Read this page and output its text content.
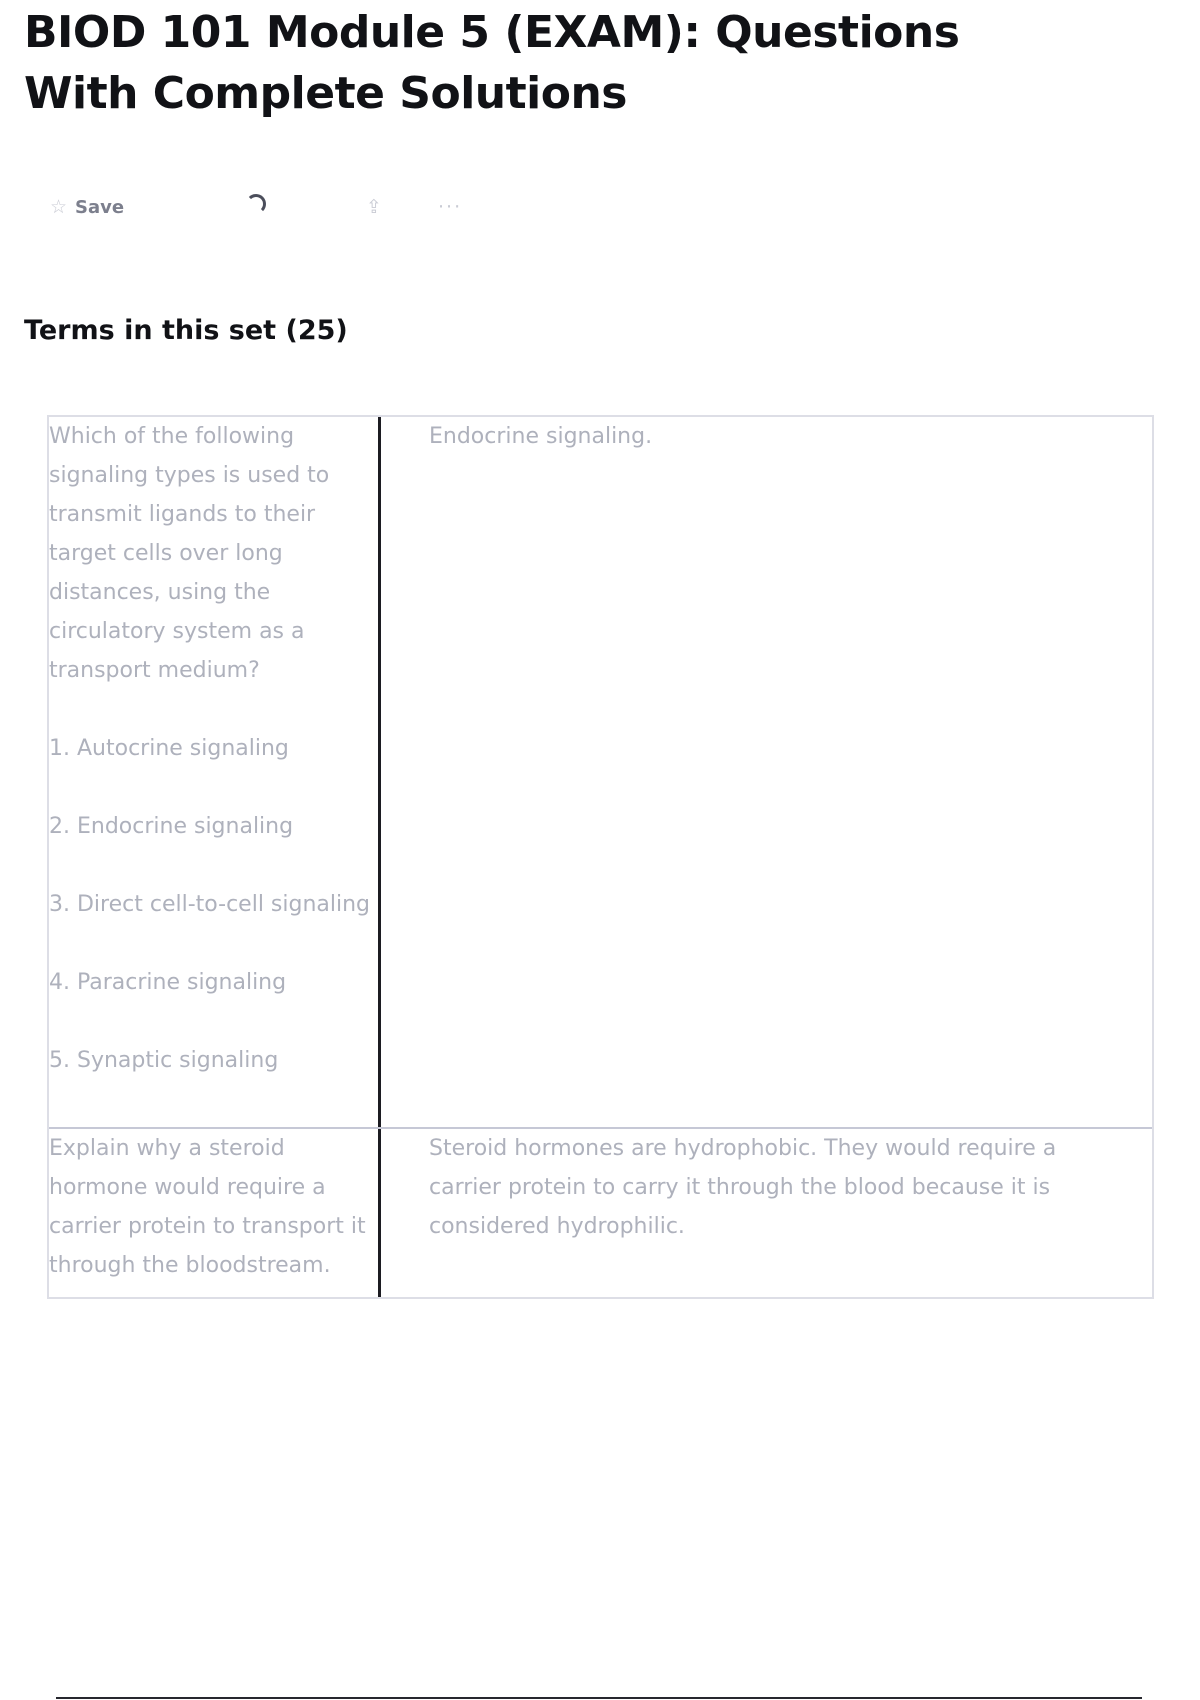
BIOD 101 Module 5 (EXAM): Questions With Complete Solutions
☆ Save	⇪	···
Terms in this set (25)
Which of the following signaling types is used to transmit ligands to their target cells over long distances, using the circulatory system as a transport medium?
1. Autocrine signaling
2. Endocrine signaling
3. Direct cell-to-cell signaling
4. Paracrine signaling
5. Synaptic signaling
Endocrine signaling.
Explain why a steroid hormone would require a carrier protein to transport it through the bloodstream.
Steroid hormones are hydrophobic. They would require a carrier protein to carry it through the blood because it is considered hydrophilic.
